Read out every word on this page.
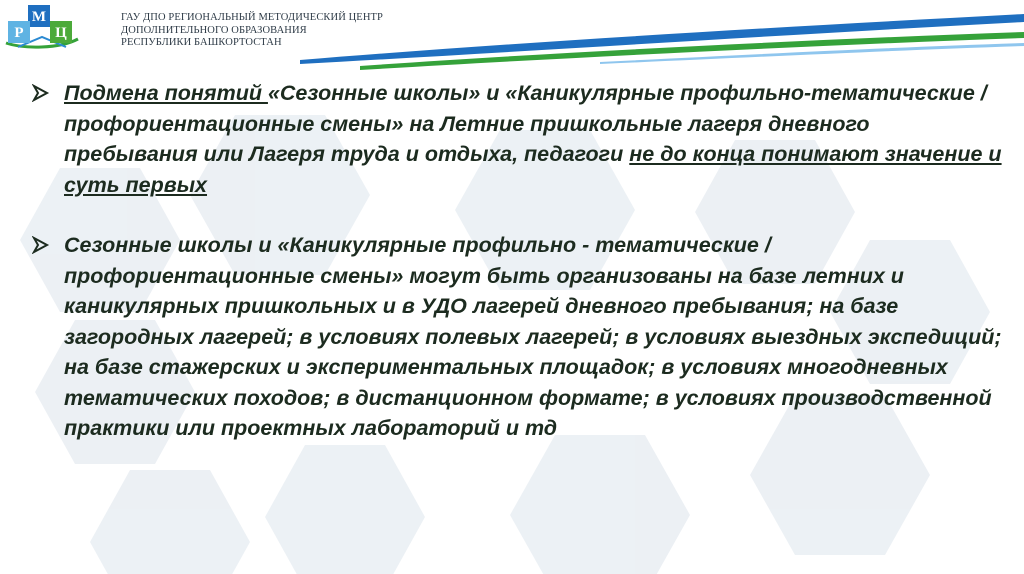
М
Р Ц
ГАУ ДПО РЕГИОНАЛЬНЫЙ МЕТОДИЧЕСКИЙ ЦЕНТР
ДОПОЛНИТЕЛЬНОГО ОБРАЗОВАНИЯ
РЕСПУБЛИКИ БАШКОРТОСТАН
Подмена понятий «Сезонные школы» и «Каникулярные профильно-тематические / профориентационные смены» на Летние пришкольные лагеря дневного пребывания или Лагеря труда и отдыха, педагоги не до конца понимают значение и суть первых
Сезонные школы и «Каникулярные профильно - тематические / профориентационные смены» могут быть организованы на базе летних и каникулярных пришкольных и в УДО лагерей дневного пребывания; на базе загородных лагерей; в условиях полевых лагерей; в условиях выездных экспедиций; на базе стажерских и экспериментальных площадок; в условиях многодневных тематических походов; в дистанционном формате; в условиях производственной практики или проектных лабораторий и тд
